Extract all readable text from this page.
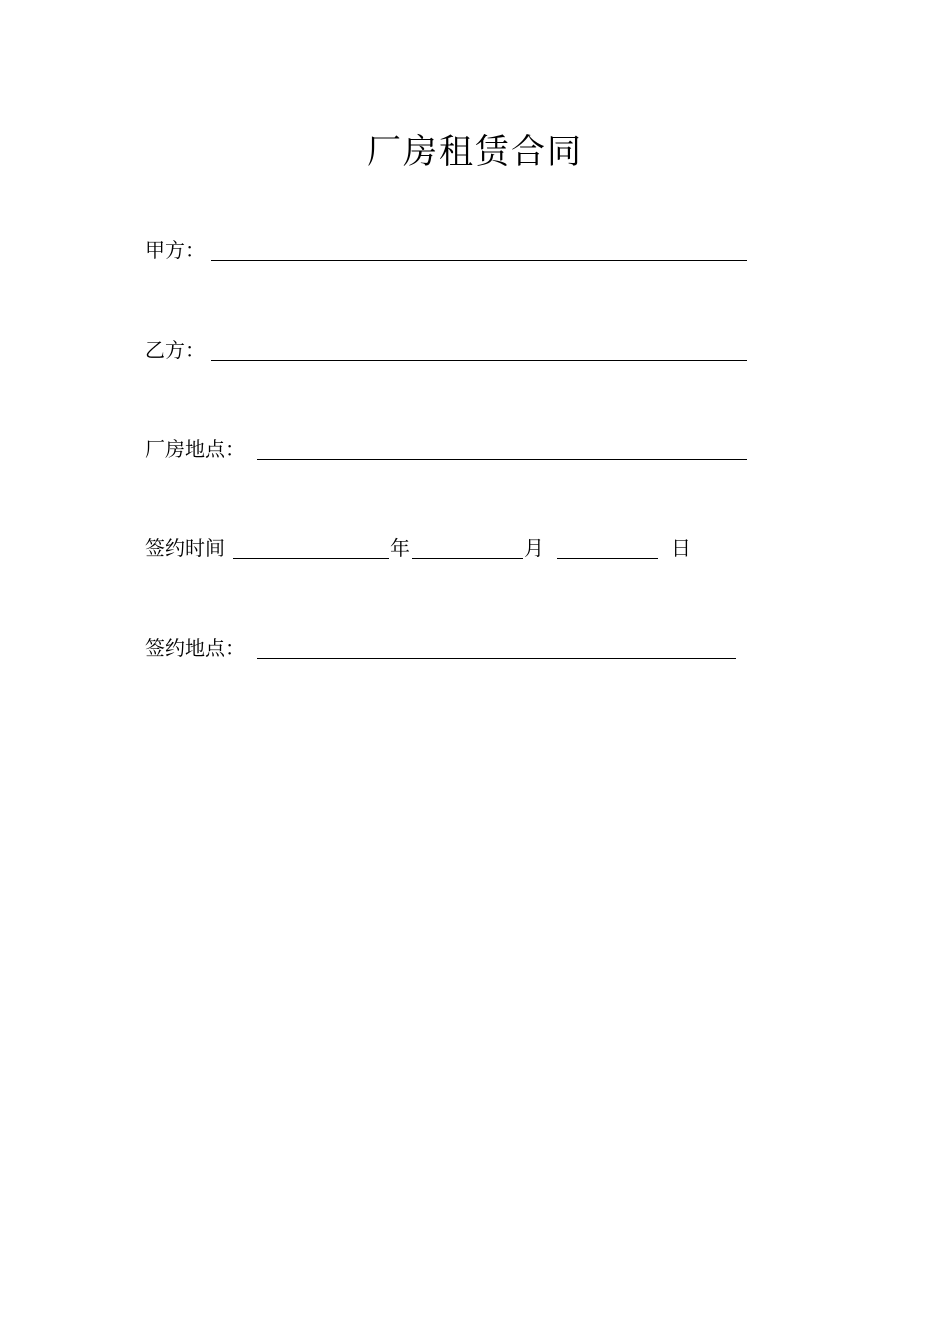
厂房租赁合同
甲方：
乙方：
厂房地点：
签约时间	年	月	日
签约地点：
